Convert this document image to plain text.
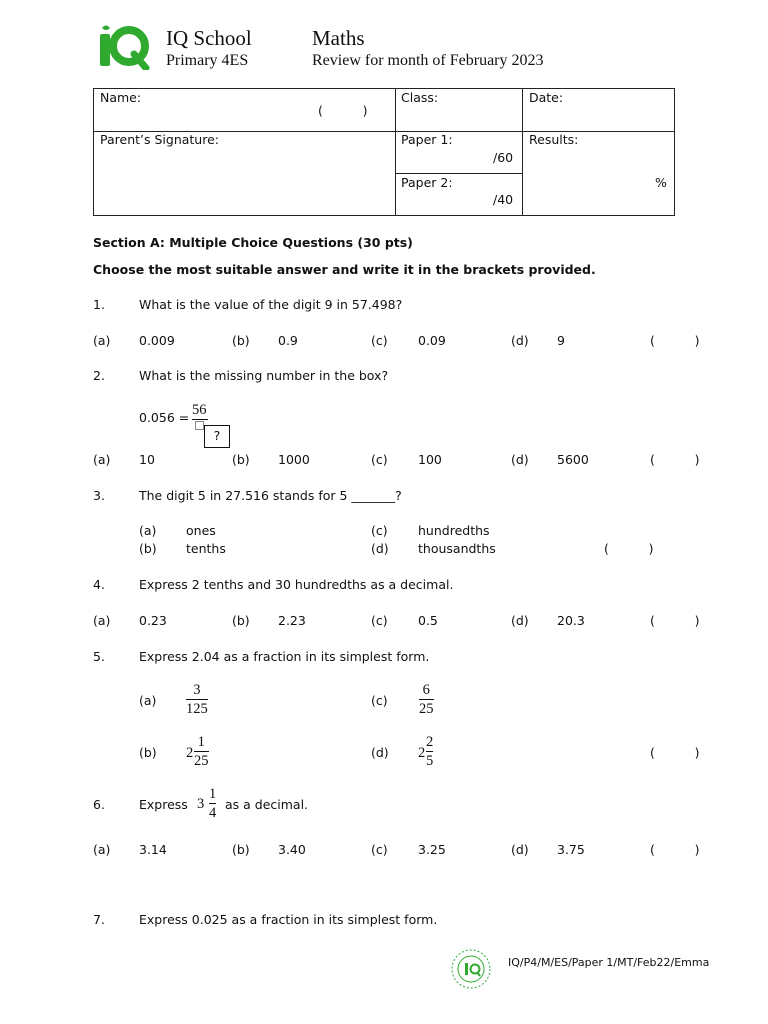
IQ School
Primary 4ES
Maths
Review for month of February 2023
Name:
(          )
Class:	Date:
Parent’s Signature:	Paper 1:
/60
Paper 2:
/40
Results:
%
Section A: Multiple Choice Questions (30 pts)
Choose the most suitable answer and write it in the brackets provided.
1.	What is the value of the digit 9 in 57.498?
(a) 0.009	(b) 0.9	(c) 0.09	(d) 9	(          )
2.	What is the missing number in the box?
0.056 = 56
?
(a) 10	(b) 1000	(c) 100	(d) 5600	(          )
3.	The digit 5 in 27.516 stands for 5 _______?
(a) ones
(b) tenths
(c) hundredths
(d) thousandths	(          )
4.	Express 2 tenths and 30 hundredths as a decimal.
(a) 0.23	(b) 2.23	(c) 0.5	(d) 20.3	(          )
5.	Express 2.04 as a fraction in its simplest form.
(a)
3
125
(c)
6
25
(b) 2
1
25
(d) 2
2
5
(          )
6.	Express 3
1
4
as a decimal.
(a) 3.14	(b) 3.40	(c) 3.25	(d) 3.75	(          )
7.	Express 0.025 as a fraction in its simplest form.
IQ/P4/M/ES/Paper 1/MT/Feb22/Emma
